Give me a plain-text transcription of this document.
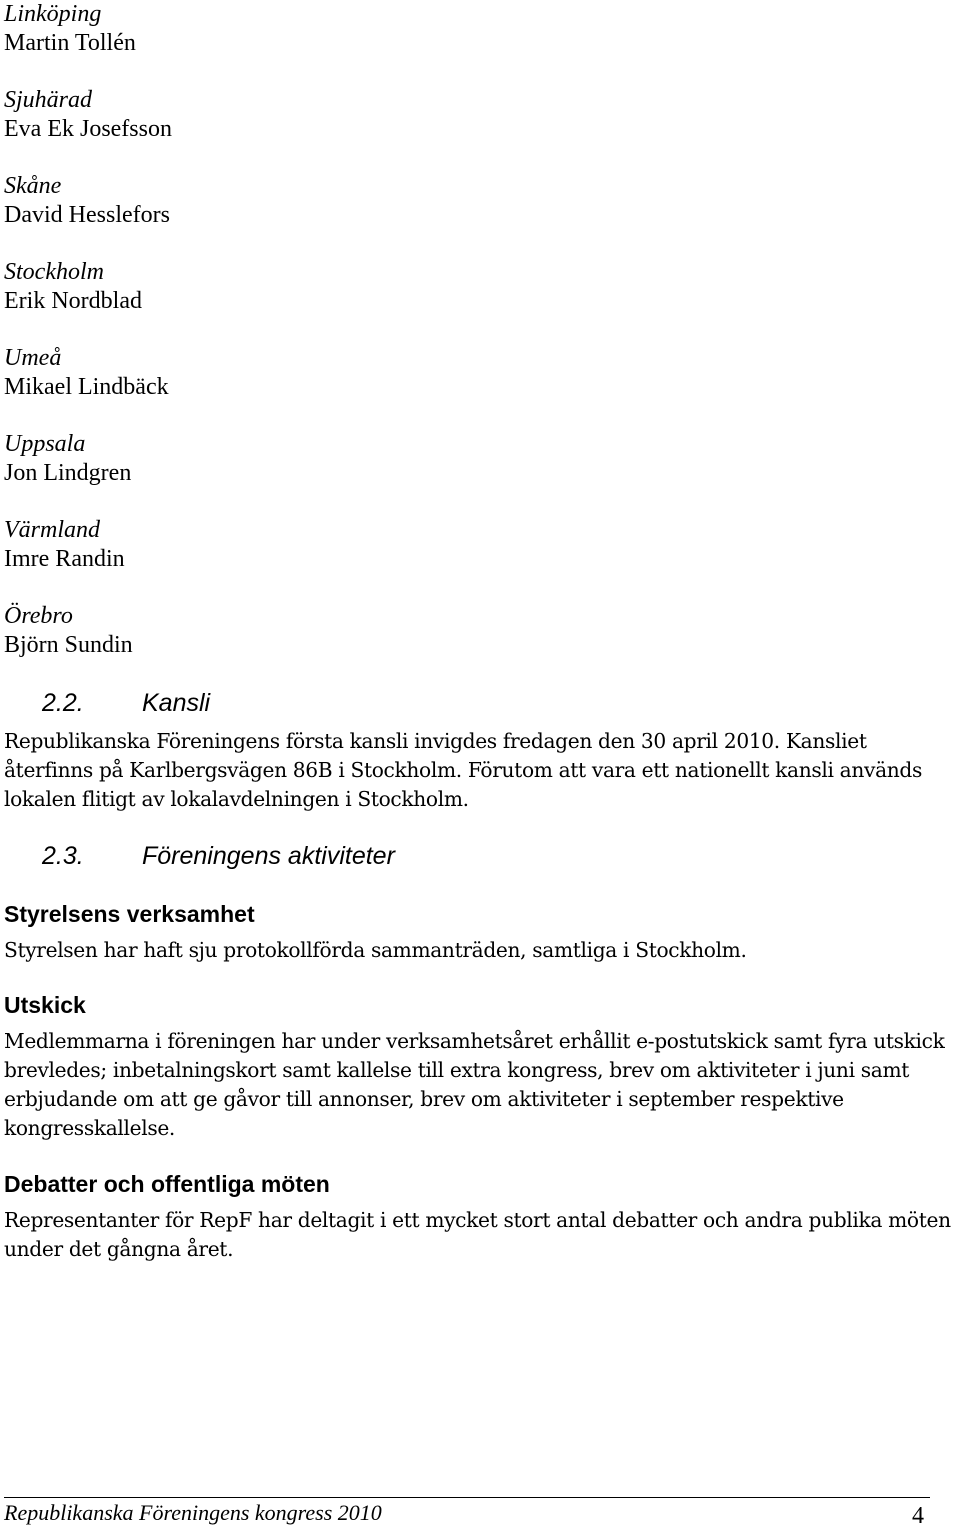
Linköping
Martin Tollén
Sjuhärad
Eva Ek Josefsson
Skåne
David Hesslefors
Stockholm
Erik Nordblad
Umeå
Mikael Lindbäck
Uppsala
Jon Lindgren
Värmland
Imre Randin
Örebro
Björn Sundin
2.2. Kansli
Republikanska Föreningens första kansli invigdes fredagen den 30 april 2010. Kansliet återfinns på Karlbergsvägen 86B i Stockholm. Förutom att vara ett nationellt kansli används lokalen flitigt av lokalavdelningen i Stockholm.
2.3. Föreningens aktiviteter
Styrelsens verksamhet
Styrelsen har haft sju protokollförda sammanträden, samtliga i Stockholm.
Utskick
Medlemmarna i föreningen har under verksamhetsåret erhållit e-postutskick samt fyra utskick brevledes; inbetalningskort samt kallelse till extra kongress, brev om aktiviteter i juni samt erbjudande om att ge gåvor till annonser, brev om aktiviteter i september respektive kongresskallelse.
Debatter och offentliga möten
Representanter för RepF har deltagit i ett mycket stort antal debatter och andra publika möten under det gångna året.
Republikanska Föreningens kongress 2010	4
